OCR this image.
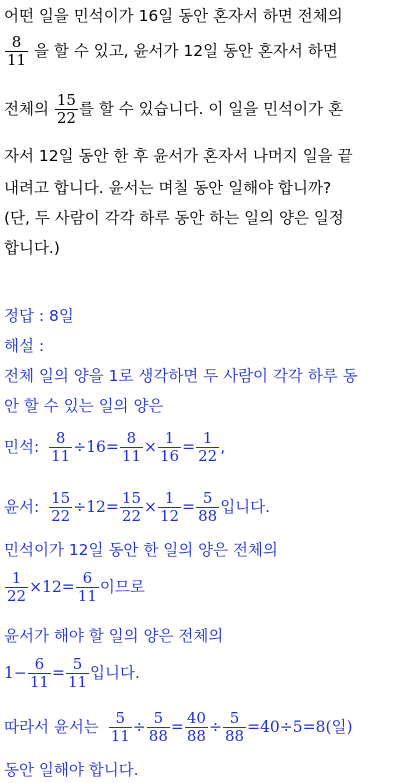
어떤 일을 민석이가 16일 동안 혼자서 하면 전체의
$\frac{8}{11}$ 을 할 수 있고, 윤서가 12일 동안 혼자서 하면
전체의 $\frac{15}{22}$ 를 할 수 있습니다. 이 일을 민석이가 혼
자서 12일 동안 한 후 윤서가 혼자서 나머지 일을 끝
내려고 합니다. 윤서는 며칠 동안 일해야 합니까?
(단, 두 사람이 각각 하루 동안 하는 일의 양은 일정
합니다.)
정답 : 8일
해설 :
전체 일의 양을 1로 생각하면 두 사람이 각각 하루 동
안 할 수 있는 일의 양은
민석: $\frac{8}{11} \div 16= \frac{8}{11} \times \frac{1}{16} = \frac{1}{22}$ ,
윤서: $\frac{15}{22} \div 12= \frac{15}{22} \times \frac{1}{12} = \frac{5}{88}$ 입니다.
민석이가 12일 동안 한 일의 양은 전체의
$\frac{1}{22} \times 12= \frac{6}{11}$ 이므로
윤서가 해야 할 일의 양은 전체의
$1- \frac{6}{11} = \frac{5}{11}$ 입니다.
따라서 윤서는 $\frac{5}{11} \div \frac{5}{88} = \frac{40}{88} \div \frac{5}{88} =40\div 5=8$(일)
동안 일해야 합니다.
